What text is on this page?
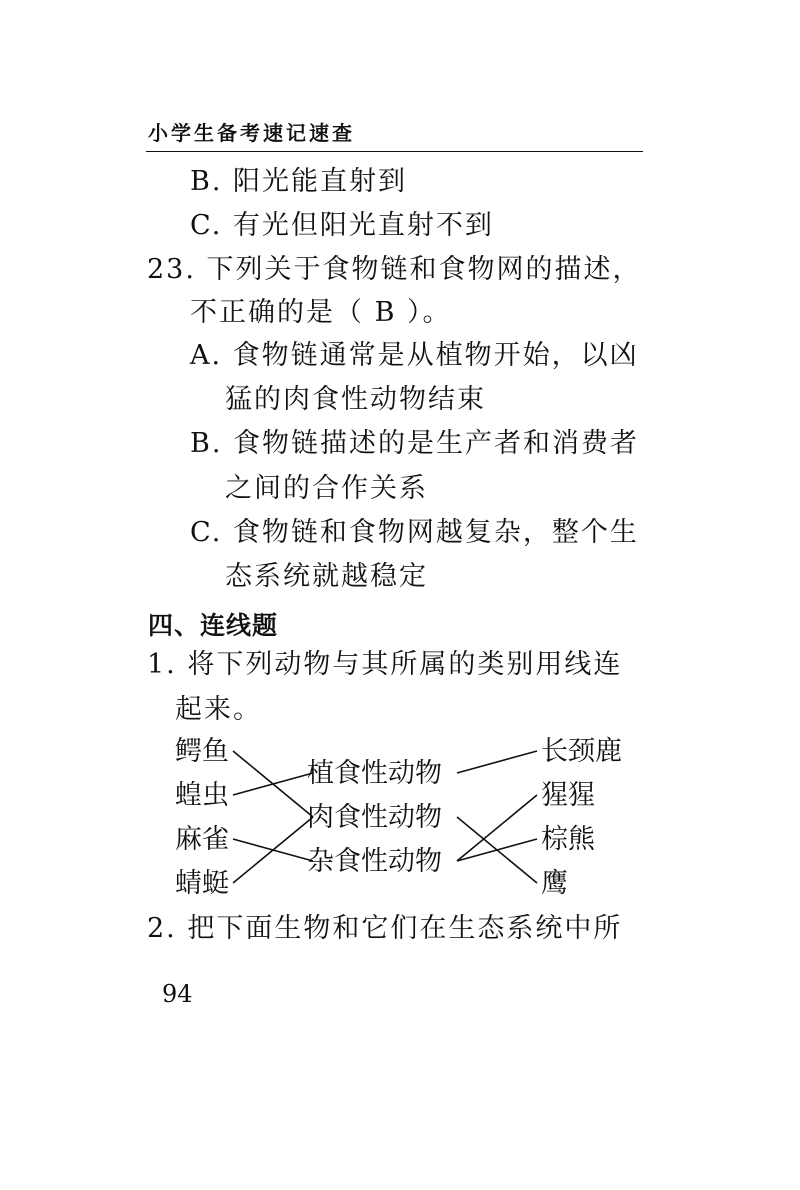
小学生备考速记速查
B. 阳光能直射到
C. 有光但阳光直射不到
23. 下列关于食物链和食物网的描述，
不正确的是（ B ）。
A. 食物链通常是从植物开始，以凶
猛的肉食性动物结束
B. 食物链描述的是生产者和消费者
之间的合作关系
C. 食物链和食物网越复杂，整个生
态系统就越稳定
四、连线题
1. 将下列动物与其所属的类别用线连
起来。
鳄鱼
蝗虫
麻雀
蜻蜓
植食性动物
肉食性动物
杂食性动物
长颈鹿
猩猩
棕熊
鹰
2. 把下面生物和它们在生态系统中所
94
